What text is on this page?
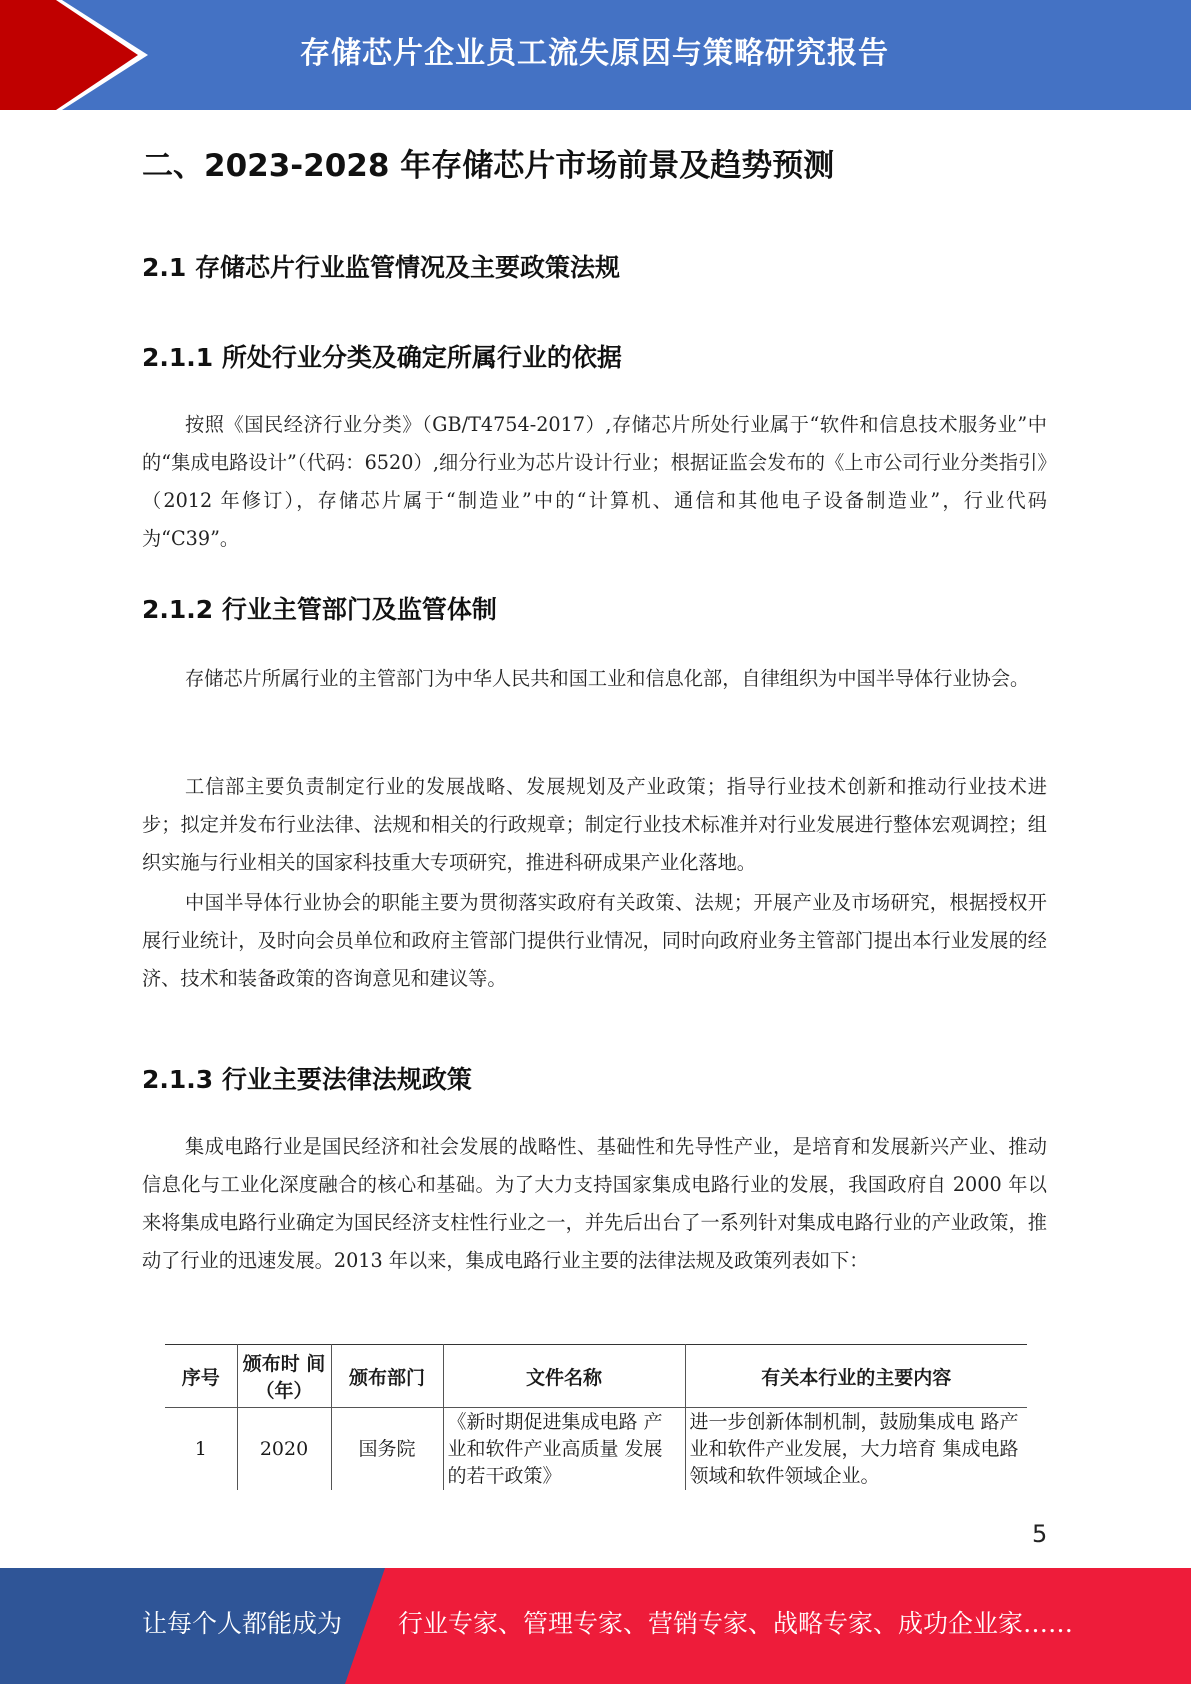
存储芯片企业员工流失原因与策略研究报告
二、2023-2028 年存储芯片市场前景及趋势预测
2.1 存储芯片行业监管情况及主要政策法规
2.1.1 所处行业分类及确定所属行业的依据
按照《国民经济行业分类》（GB/T4754-2017）,存储芯片所处行业属于“软件和信息技术服务业”中的“集成电路设计”（代码：6520）,细分行业为芯片设计行业；根据证监会发布的《上市公司行业分类指引》（2012 年修订），存储芯片属于“制造业”中的“计算机、通信和其他电子设备制造业”，行业代码为“C39”。
2.1.2 行业主管部门及监管体制
存储芯片所属行业的主管部门为中华人民共和国工业和信息化部，自律组织为中国半导体行业协会。
工信部主要负责制定行业的发展战略、发展规划及产业政策；指导行业技术创新和推动行业技术进步；拟定并发布行业法律、法规和相关的行政规章；制定行业技术标准并对行业发展进行整体宏观调控；组织实施与行业相关的国家科技重大专项研究，推进科研成果产业化落地。
中国半导体行业协会的职能主要为贯彻落实政府有关政策、法规；开展产业及市场研究，根据授权开展行业统计，及时向会员单位和政府主管部门提供行业情况，同时向政府业务主管部门提出本行业发展的经济、技术和装备政策的咨询意见和建议等。
2.1.3 行业主要法律法规政策
集成电路行业是国民经济和社会发展的战略性、基础性和先导性产业，是培育和发展新兴产业、推动信息化与工业化深度融合的核心和基础。为了大力支持国家集成电路行业的发展，我国政府自 2000 年以来将集成电路行业确定为国民经济支柱性行业之一，并先后出台了一系列针对集成电路行业的产业政策，推动了行业的迅速发展。2013 年以来，集成电路行业主要的法律法规及政策列表如下：
序号	颁布时 间（年）	颁布部门	文件名称	有关本行业的主要内容
1	2020	国务院	《新时期促进集成电路 产业和软件产业高质量 发展的若干政策》	进一步创新体制机制，鼓励集成电 路产业和软件产业发展，大力培育 集成电路领域和软件领域企业。
5
让每个人都能成为 行业专家、管理专家、营销专家、战略专家、成功企业家……
